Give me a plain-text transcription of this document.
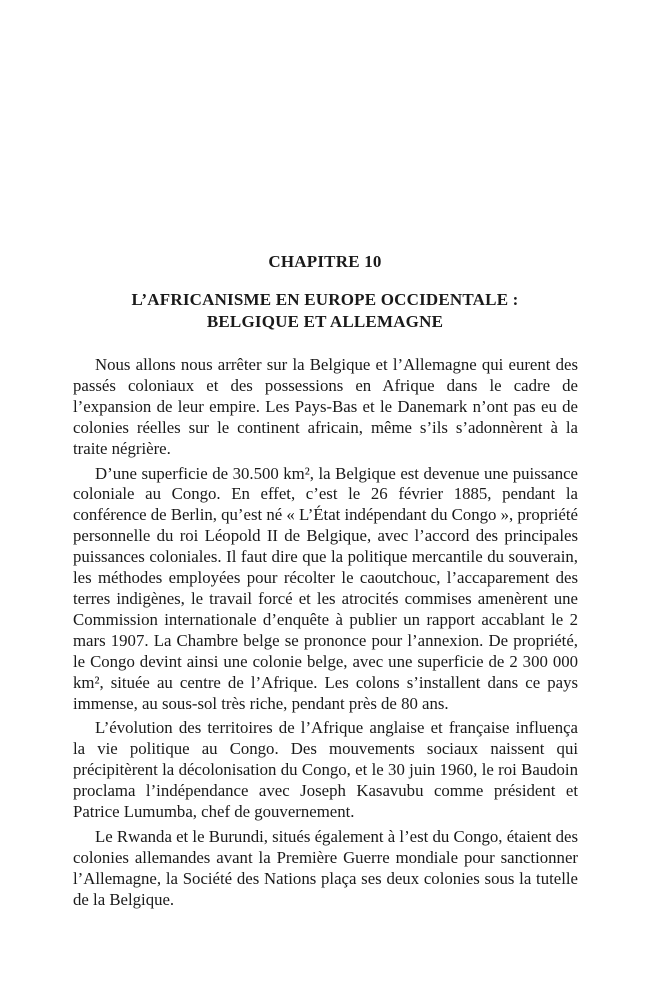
CHAPITRE 10
L’AFRICANISME EN EUROPE OCCIDENTALE :
BELGIQUE ET ALLEMAGNE

Nous allons nous arrêter sur la Belgique et l’Allemagne qui eurent des passés coloniaux et des possessions en Afrique dans le cadre de l’expansion de leur empire. Les Pays-Bas et le Danemark n’ont pas eu de colonies réelles sur le continent africain, même s’ils s’adonnèrent à la traite négrière.

D’une superficie de 30.500 km², la Belgique est devenue une puissance coloniale au Congo. En effet, c’est le 26 février 1885, pendant la conférence de Berlin, qu’est né « L’État indépendant du Congo », propriété personnelle du roi Léopold II de Belgique, avec l’accord des principales puissances coloniales. Il faut dire que la politique mercantile du souverain, les méthodes employées pour récolter le caoutchouc, l’accaparement des terres indigènes, le travail forcé et les atrocités commises amenèrent une Commission internationale d’enquête à publier un rapport accablant le 2 mars 1907. La Chambre belge se prononce pour l’annexion. De propriété, le Congo devint ainsi une colonie belge, avec une superficie de 2 300 000 km², située au centre de l’Afrique. Les colons s’installent dans ce pays immense, au sous-sol très riche, pendant près de 80 ans.

L’évolution des territoires de l’Afrique anglaise et française influença la vie politique au Congo. Des mouvements sociaux naissent qui précipitèrent la décolonisation du Congo, et le 30 juin 1960, le roi Baudoin proclama l’indépendance avec Joseph Kasavubu comme président et Patrice Lumumba, chef de gouvernement.

Le Rwanda et le Burundi, situés également à l’est du Congo, étaient des colonies allemandes avant la Première Guerre mondiale pour sanctionner l’Allemagne, la Société des Nations plaça ses deux colonies sous la tutelle de la Belgique.
